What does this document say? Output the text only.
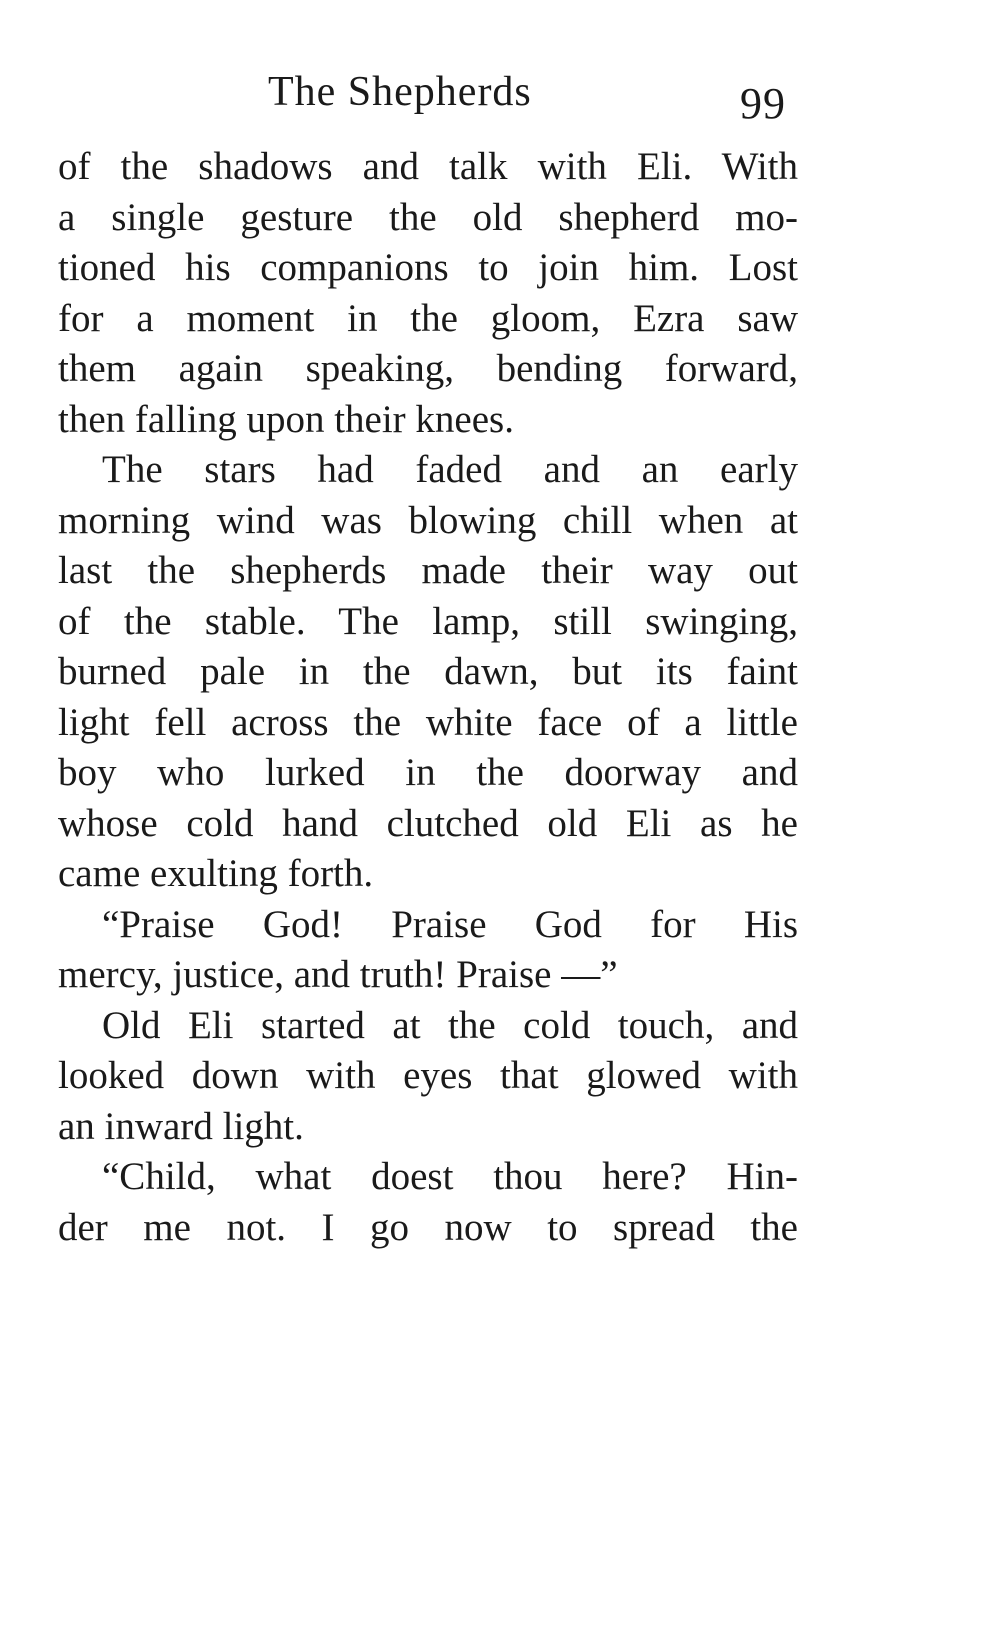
The Shepherds	99
of the shadows and talk with Eli. With
a single gesture the old shepherd mo-
tioned his companions to join him. Lost
for a moment in the gloom, Ezra saw
them again speaking, bending forward,
then falling upon their knees.
The stars had faded and an early
morning wind was blowing chill when at
last the shepherds made their way out
of the stable. The lamp, still swinging,
burned pale in the dawn, but its faint
light fell across the white face of a little
boy who lurked in the doorway and
whose cold hand clutched old Eli as he
came exulting forth.
“Praise God! Praise God for His
mercy, justice, and truth! Praise —”
Old Eli started at the cold touch, and
looked down with eyes that glowed with
an inward light.
“Child, what doest thou here? Hin-
der me not. I go now to spread the
